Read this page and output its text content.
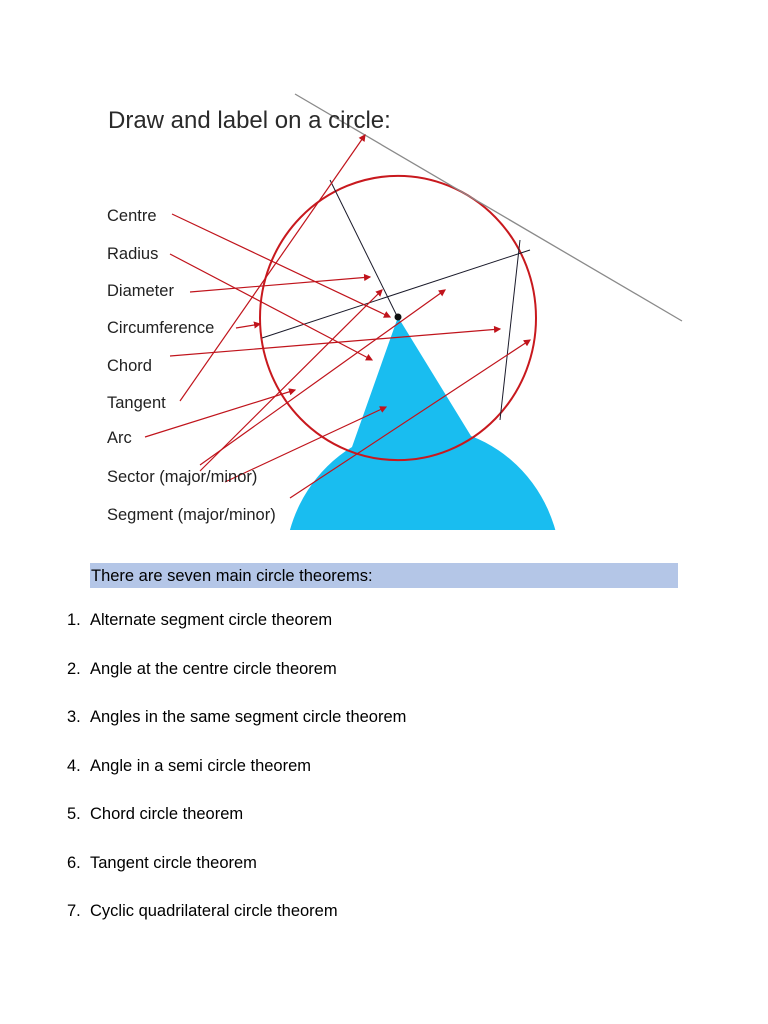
Draw and label on a circle:
Centre
Radius
Diameter
Circumference
Chord
Tangent
Arc
Sector (major/minor)
Segment (major/minor)
There are seven main circle theorems:
1. Alternate segment circle theorem
2. Angle at the centre circle theorem
3. Angles in the same segment circle theorem
4. Angle in a semi circle theorem
5. Chord circle theorem
6. Tangent circle theorem
7. Cyclic quadrilateral circle theorem
